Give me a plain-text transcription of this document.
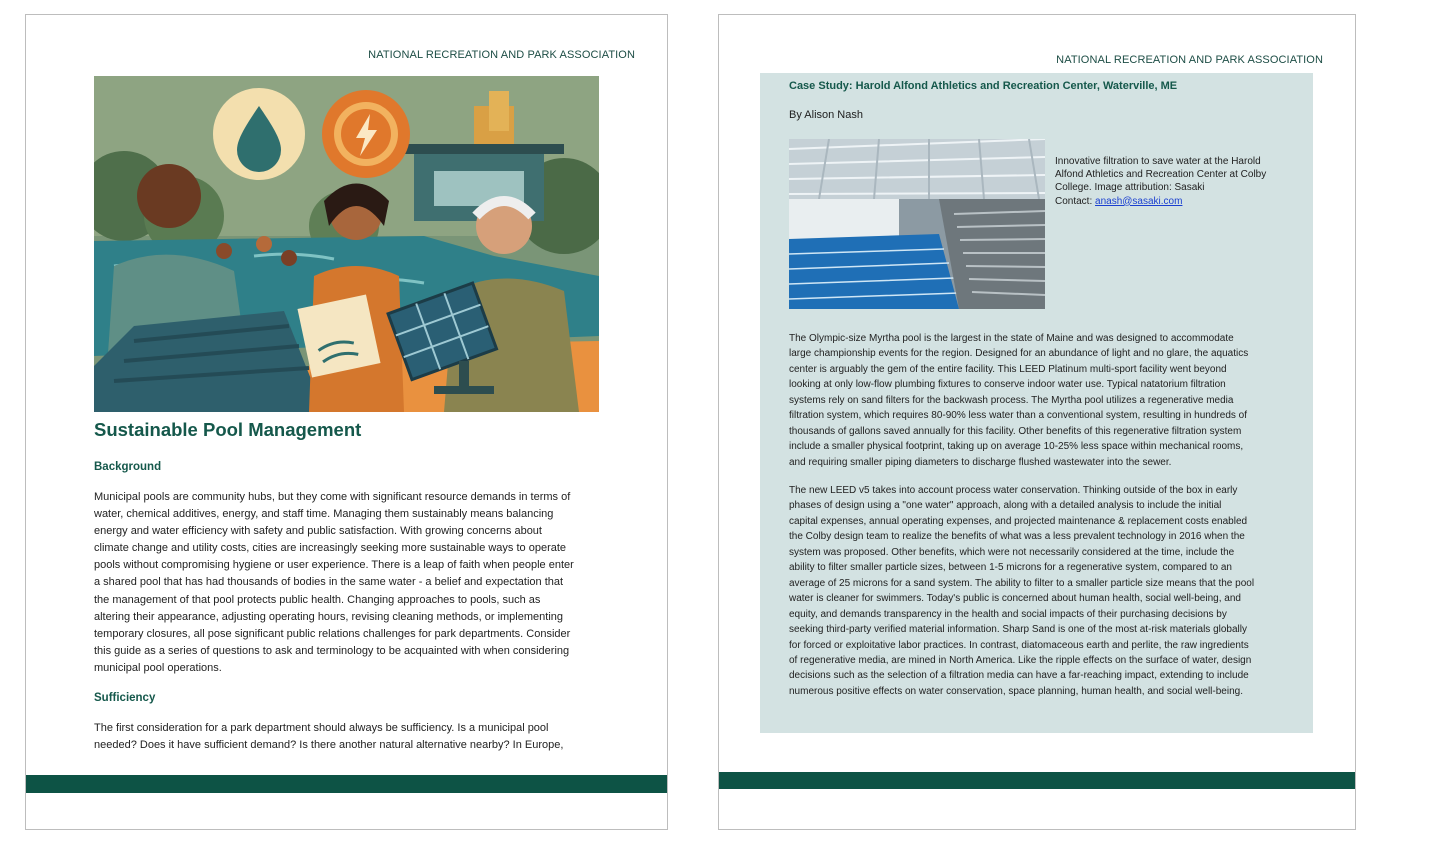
NATIONAL RECREATION AND PARK ASSOCIATION
Sustainable Pool Management
Background
Municipal pools are community hubs, but they come with significant resource demands in terms of
water, chemical additives, energy, and staff time. Managing them sustainably means balancing
energy and water efficiency with safety and public satisfaction. With growing concerns about
climate change and utility costs, cities are increasingly seeking more sustainable ways to operate
pools without compromising hygiene or user experience. There is a leap of faith when people enter
a shared pool that has had thousands of bodies in the same water - a belief and expectation that
the management of that pool protects public health. Changing approaches to pools, such as
altering their appearance, adjusting operating hours, revising cleaning methods, or implementing
temporary closures, all pose significant public relations challenges for park departments. Consider
this guide as a series of questions to ask and terminology to be acquainted with when considering
municipal pool operations.
Sufficiency
The first consideration for a park department should always be sufficiency. Is a municipal pool
needed? Does it have sufficient demand? Is there another natural alternative nearby? In Europe,
NATIONAL RECREATION AND PARK ASSOCIATION
Case Study: Harold Alfond Athletics and Recreation Center, Waterville, ME
By Alison Nash
Innovative filtration to save water at the Harold
Alfond Athletics and Recreation Center at Colby
College. Image attribution: Sasaki
Contact: anash@sasaki.com
The Olympic-size Myrtha pool is the largest in the state of Maine and was designed to accommodate
large championship events for the region. Designed for an abundance of light and no glare, the aquatics
center is arguably the gem of the entire facility. This LEED Platinum multi-sport facility went beyond
looking at only low-flow plumbing fixtures to conserve indoor water use. Typical natatorium filtration
systems rely on sand filters for the backwash process. The Myrtha pool utilizes a regenerative media
filtration system, which requires 80-90% less water than a conventional system, resulting in hundreds of
thousands of gallons saved annually for this facility. Other benefits of this regenerative filtration system
include a smaller physical footprint, taking up on average 10-25% less space within mechanical rooms,
and requiring smaller piping diameters to discharge flushed wastewater into the sewer.
The new LEED v5 takes into account process water conservation. Thinking outside of the box in early
phases of design using a "one water" approach, along with a detailed analysis to include the initial
capital expenses, annual operating expenses, and projected maintenance & replacement costs enabled
the Colby design team to realize the benefits of what was a less prevalent technology in 2016 when the
system was proposed. Other benefits, which were not necessarily considered at the time, include the
ability to filter smaller particle sizes, between 1-5 microns for a regenerative system, compared to an
average of 25 microns for a sand system. The ability to filter to a smaller particle size means that the pool
water is cleaner for swimmers. Today's public is concerned about human health, social well-being, and
equity, and demands transparency in the health and social impacts of their purchasing decisions by
seeking third-party verified material information. Sharp Sand is one of the most at-risk materials globally
for forced or exploitative labor practices. In contrast, diatomaceous earth and perlite, the raw ingredients
of regenerative media, are mined in North America. Like the ripple effects on the surface of water, design
decisions such as the selection of a filtration media can have a far-reaching impact, extending to include
numerous positive effects on water conservation, space planning, human health, and social well-being.
